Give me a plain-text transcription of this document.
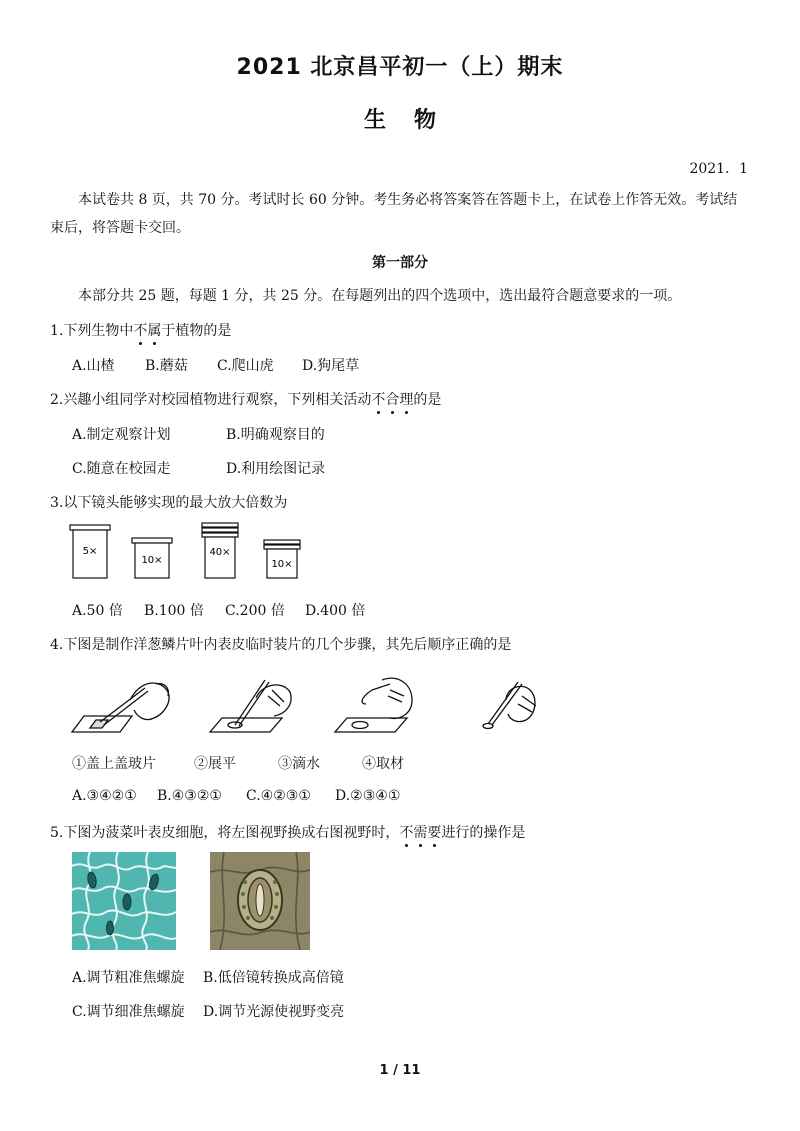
2021 北京昌平初一（上）期末
生物
2021．1
本试卷共 8 页，共 70 分。考试时长 60 分钟。考生务必将答案答在答题卡上，在试卷上作答无效。考试结束后，将答题卡交回。
第一部分
本部分共 25 题，每题 1 分，共 25 分。在每题列出的四个选项中，选出最符合题意要求的一项。
1.下列生物中不属于植物的是
A.山楂 B.蘑菇 C.爬山虎 D.狗尾草
2.兴趣小组同学对校园植物进行观察，下列相关活动不合理的是
A.制定观察计划	B.明确观察目的
C.随意在校园走	D.利用绘图记录
3.以下镜头能够实现的最大放大倍数为
5×
10×
40×
10×
A.50 倍 B.100 倍 C.200 倍 D.400 倍
4.下图是制作洋葱鳞片叶内表皮临时装片的几个步骤，其先后顺序正确的是
①盖上盖玻片	②展平	③滴水	④取材
A.③④②① B.④③②① C.④②③① D.②③④①
5.下图为菠菜叶表皮细胞，将左图视野换成右图视野时，不需要进行的操作是
A.调节粗准焦螺旋 B.低倍镜转换成高倍镜
C.调节细准焦螺旋 D.调节光源使视野变亮
1 / 11
